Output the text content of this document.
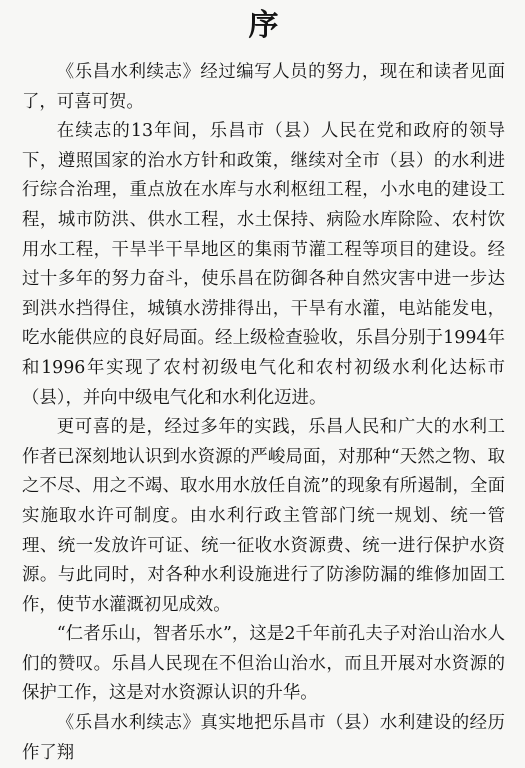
序

《乐昌水利续志》经过编写人员的努力，现在和读者见面了，可喜可贺。

在续志的13年间，乐昌市（县）人民在党和政府的领导下，遵照国家的治水方针和政策，继续对全市（县）的水利进行综合治理，重点放在水库与水利枢纽工程，小水电的建设工程，城市防洪、供水工程，水土保持、病险水库除险、农村饮用水工程，干旱半干旱地区的集雨节灌工程等项目的建设。经过十多年的努力奋斗，使乐昌在防御各种自然灾害中进一步达到洪水挡得住，城镇水涝排得出，干旱有水灌，电站能发电，吃水能供应的良好局面。经上级检查验收，乐昌分别于1994年和1996年实现了农村初级电气化和农村初级水利化达标市（县），并向中级电气化和水利化迈进。

更可喜的是，经过多年的实践，乐昌人民和广大的水利工作者已深刻地认识到水资源的严峻局面，对那种“天然之物、取之不尽、用之不竭、取水用水放任自流”的现象有所遏制，全面实施取水许可制度。由水利行政主管部门统一规划、统一管理、统一发放许可证、统一征收水资源费、统一进行保护水资源。与此同时，对各种水利设施进行了防渗防漏的维修加固工作，使节水灌溉初见成效。

“仁者乐山，智者乐水”，这是2千年前孔夫子对治山治水人们的赞叹。乐昌人民现在不但治山治水，而且开展对水资源的保护工作，这是对水资源认识的升华。

《乐昌水利续志》真实地把乐昌市（县）水利建设的经历作了翔
